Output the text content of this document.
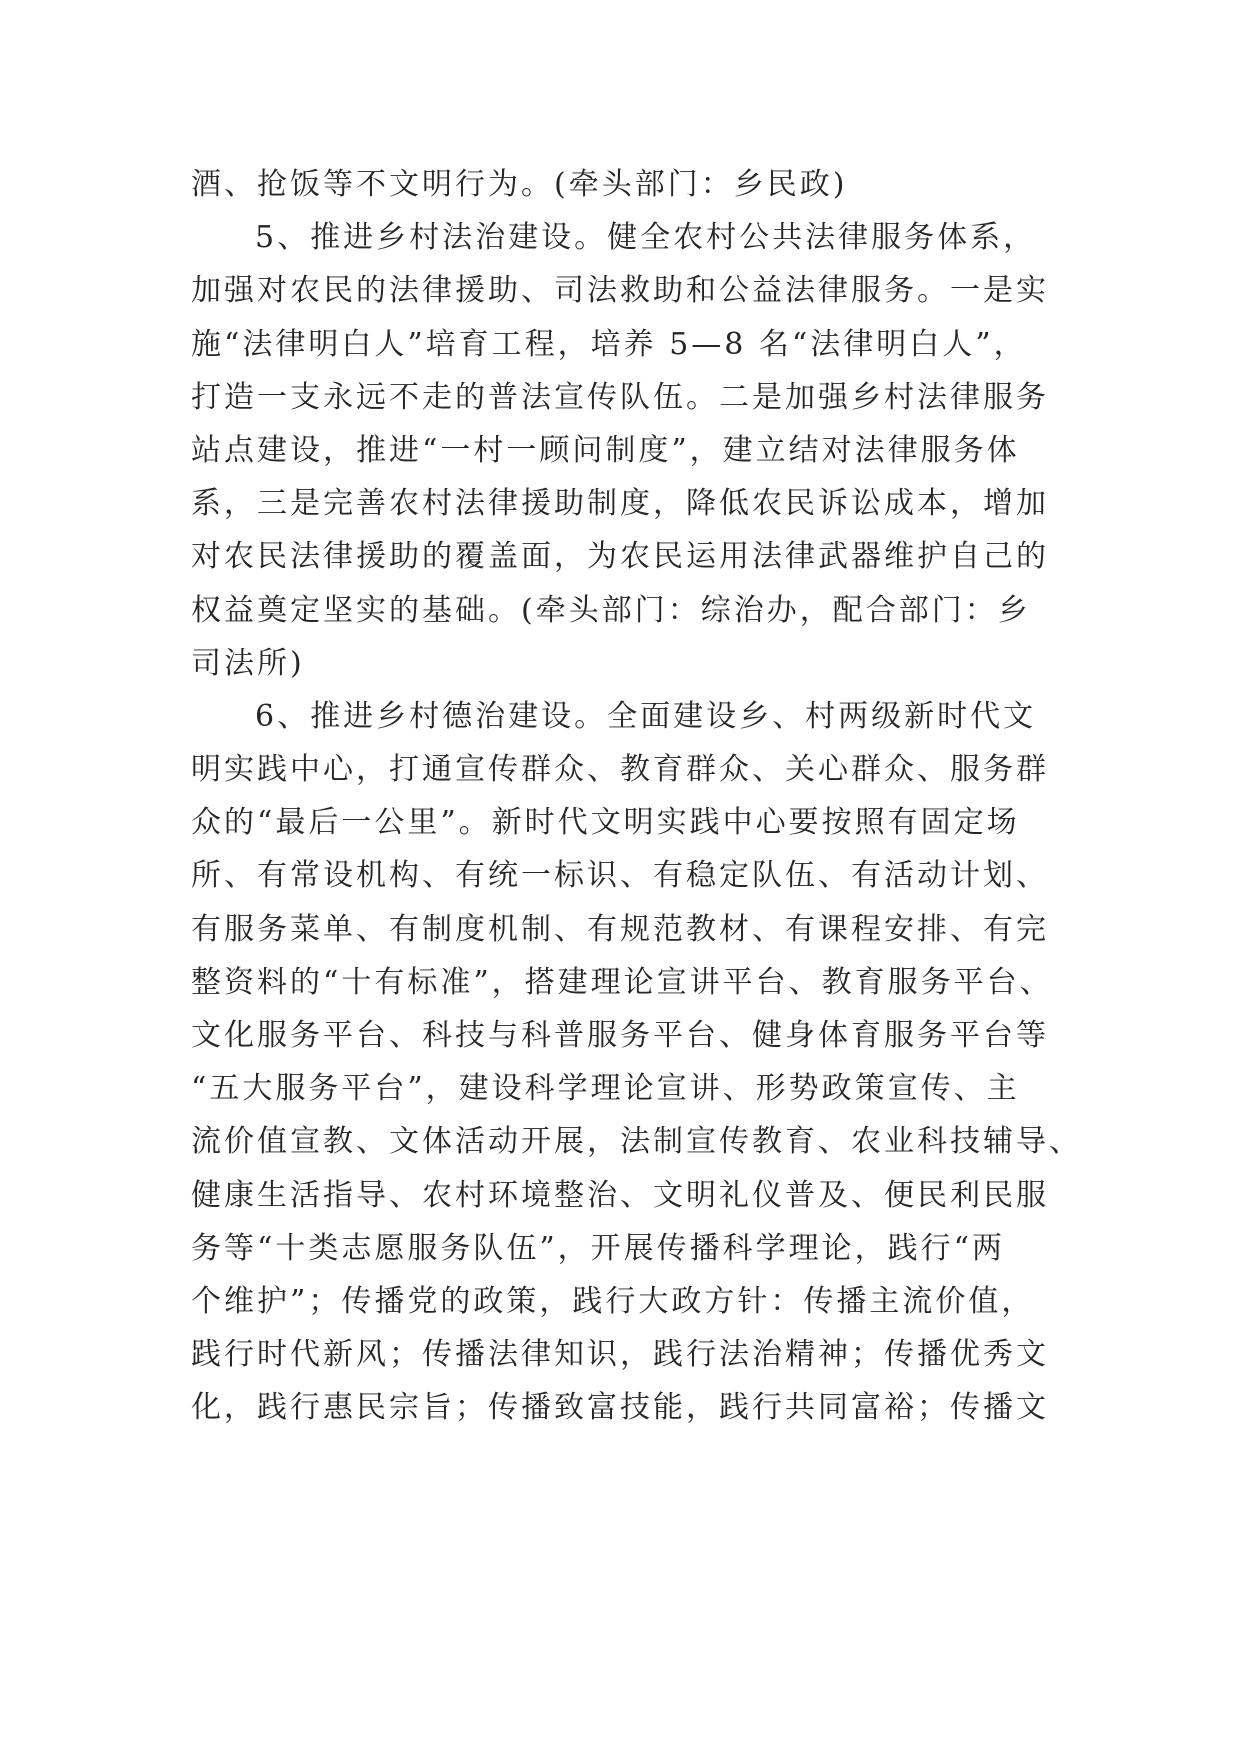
酒、抢饭等不文明行为。(牵头部门：乡民政)
5、推进乡村法治建设。健全农村公共法律服务体系，
加强对农民的法律援助、司法救助和公益法律服务。一是实
施“法律明白人”培育工程，培养 5—8 名“法律明白人”，
打造一支永远不走的普法宣传队伍。二是加强乡村法律服务
站点建设，推进“一村一顾问制度”，建立结对法律服务体
系，三是完善农村法律援助制度，降低农民诉讼成本，增加
对农民法律援助的覆盖面，为农民运用法律武器维护自己的
权益奠定坚实的基础。(牵头部门：综治办，配合部门：乡
司法所)
6、推进乡村德治建设。全面建设乡、村两级新时代文
明实践中心，打通宣传群众、教育群众、关心群众、服务群
众的“最后一公里”。新时代文明实践中心要按照有固定场
所、有常设机构、有统一标识、有稳定队伍、有活动计划、
有服务菜单、有制度机制、有规范教材、有课程安排、有完
整资料的“十有标准”，搭建理论宣讲平台、教育服务平台、
文化服务平台、科技与科普服务平台、健身体育服务平台等
“五大服务平台”，建设科学理论宣讲、形势政策宣传、主
流价值宣教、文体活动开展，法制宣传教育、农业科技辅导、
健康生活指导、农村环境整治、文明礼仪普及、便民利民服
务等“十类志愿服务队伍”，开展传播科学理论，践行“两
个维护”；传播党的政策，践行大政方针：传播主流价值，
践行时代新风；传播法律知识，践行法治精神；传播优秀文
化，践行惠民宗旨；传播致富技能，践行共同富裕；传播文
